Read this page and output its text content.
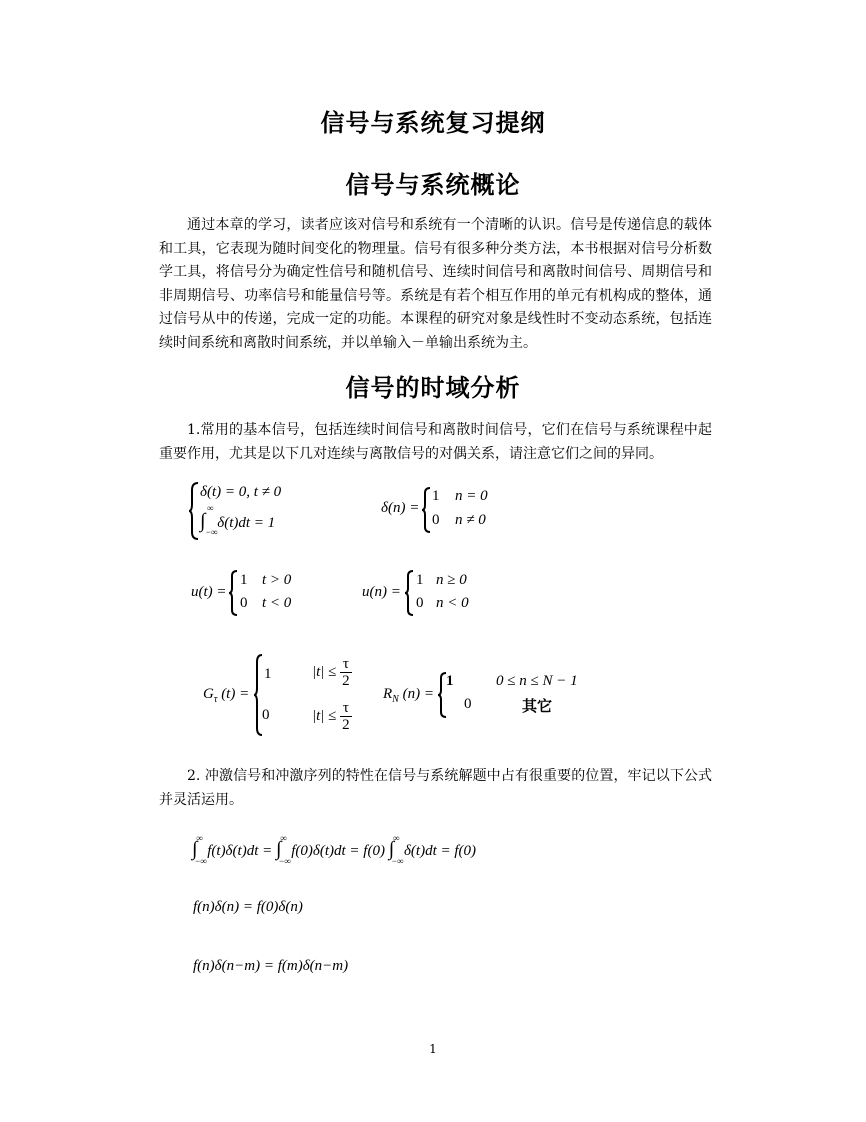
信号与系统复习提纲
信号与系统概论
通过本章的学习，读者应该对信号和系统有一个清晰的认识。信号是传递信息的载体和工具，它表现为随时间变化的物理量。信号有很多种分类方法，本书根据对信号分析数学工具，将信号分为确定性信号和随机信号、连续时间信号和离散时间信号、周期信号和非周期信号、功率信号和能量信号等。系统是有若个相互作用的单元有机构成的整体，通过信号从中的传递，完成一定的功能。本课程的研究对象是线性时不变动态系统，包括连续时间系统和离散时间系统，并以单输入－单输出系统为主。
信号的时域分析
1.常用的基本信号，包括连续时间信号和离散时间信号，它们在信号与系统课程中起重要作用，尤其是以下几对连续与离散信号的对偶关系，请注意它们之间的异同。
δ(t) = 0, t ≠ 0
∫
∞
−∞
δ(t)dt = 1
δ(n) =
1 n = 0
0 n ≠ 0
u(t) =
1 t > 0
0 t < 0
u(n) =
1 n ≥ 0
0 n < 0
$G_\tau$ (t) =
1	$|t| \le \frac{\tau}{2}$
0	$|t| \le \frac{\tau}{2}$
$R_N$ (n) =
1	0 ≤ n ≤ N − 1
0	其它
2. 冲激信号和冲激序列的特性在信号与系统解题中占有很重要的位置，牢记以下公式并灵活运用。
∫ ∞
−∞
f(t)δ(t)dt = ∫ ∞
−∞
f(0)δ(t)dt = f(0) ∫ ∞
−∞
δ(t)dt = f(0)
f(n)δ(n) = f(0)δ(n)
f(n)δ(n−m) = f(m)δ(n−m)
1
